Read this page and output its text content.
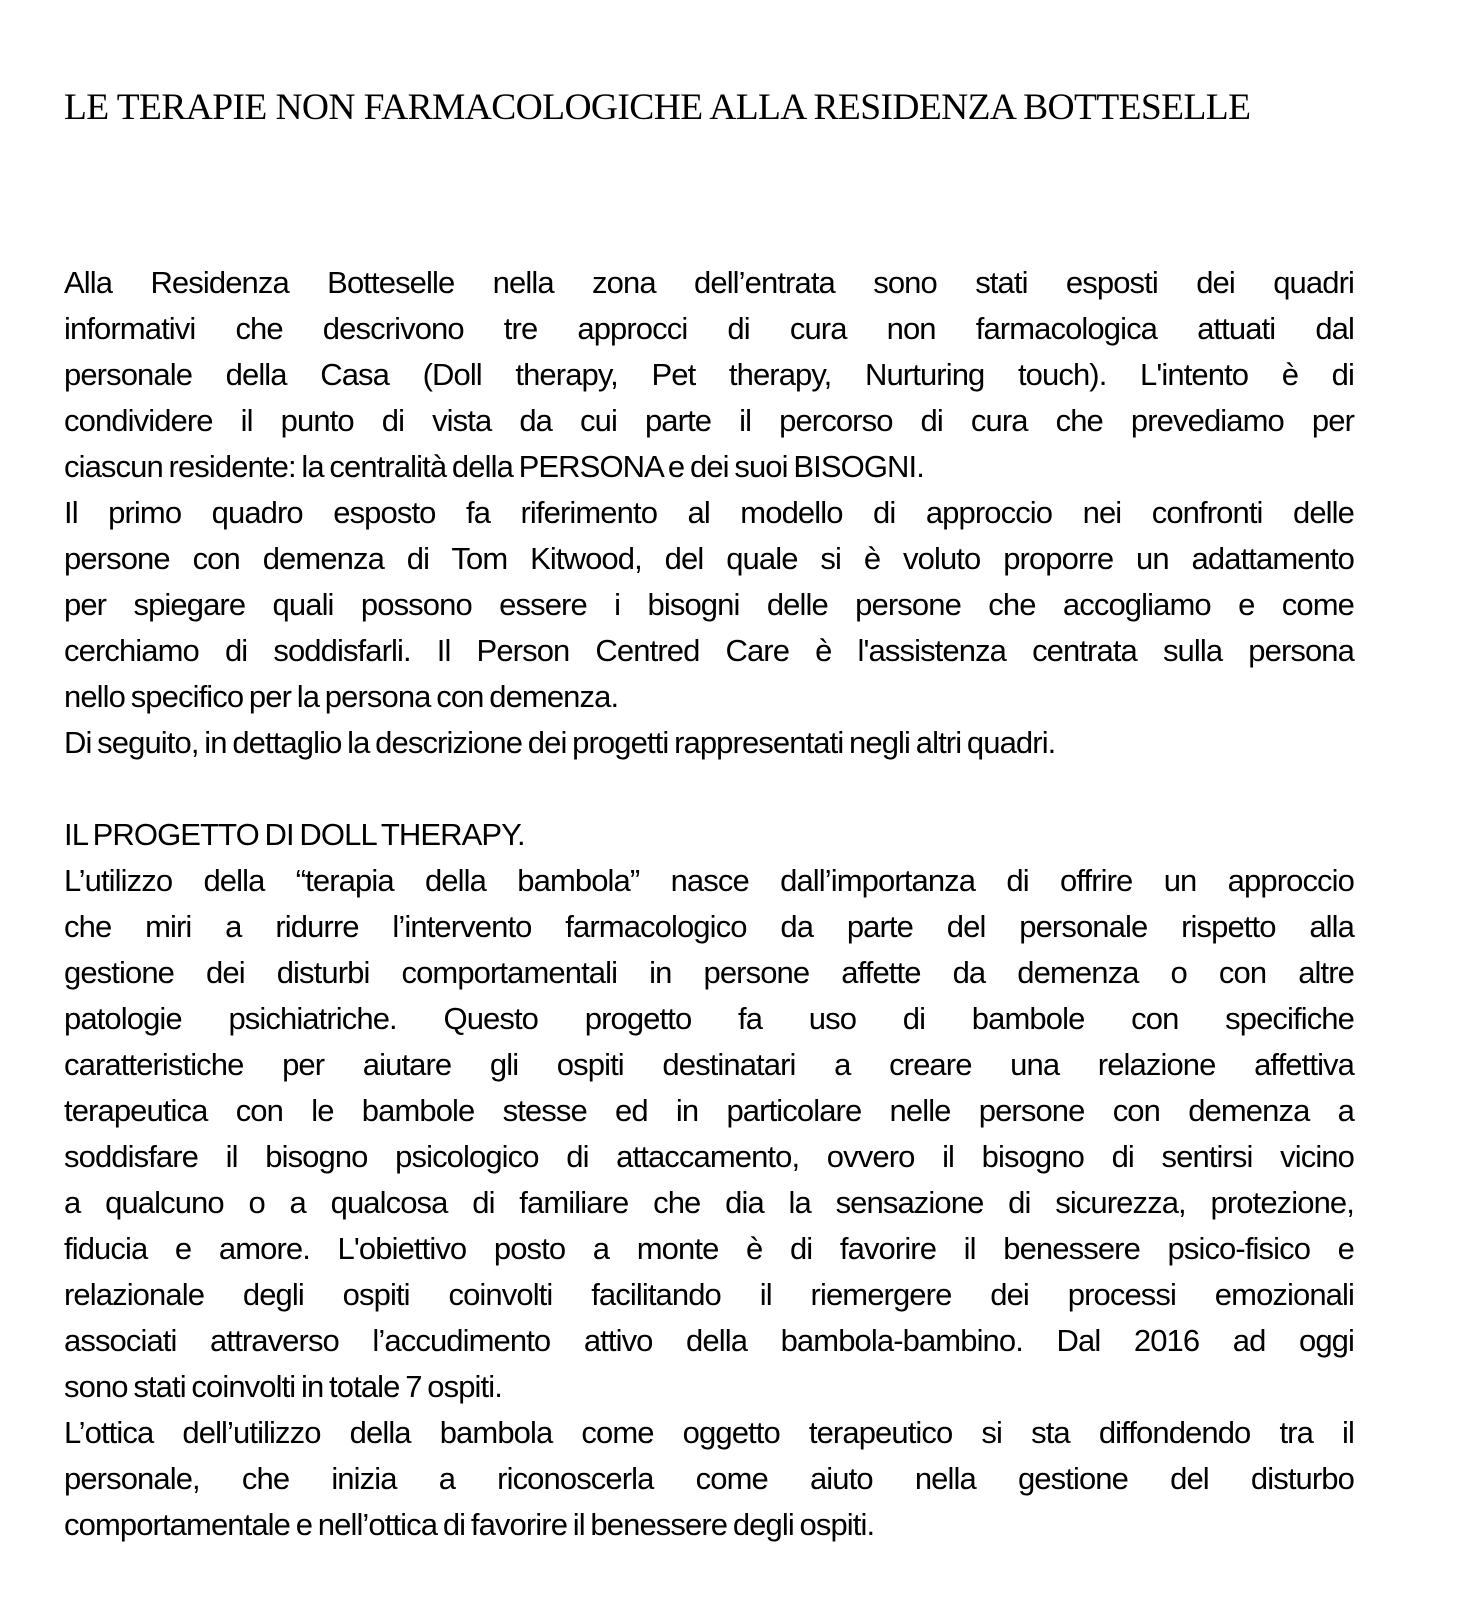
LE TERAPIE NON FARMACOLOGICHE ALLA RESIDENZA BOTTESELLE
Alla Residenza Botteselle nella zona dell’entrata sono stati esposti dei quadri
informativi che descrivono tre approcci di cura non farmacologica attuati dal
personale della Casa (Doll therapy, Pet therapy, Nurturing touch). L'intento è di
condividere il punto di vista da cui parte il percorso di cura che prevediamo per
ciascun residente: la centralità della PERSONA e dei suoi BISOGNI.
Il primo quadro esposto fa riferimento al modello di approccio nei confronti delle
persone con demenza di Tom Kitwood, del quale si è voluto proporre un adattamento
per spiegare quali possono essere i bisogni delle persone che accogliamo e come
cerchiamo di soddisfarli. Il Person Centred Care è l'assistenza centrata sulla persona
nello specifico per la persona con demenza.
Di seguito, in dettaglio la descrizione dei progetti rappresentati negli altri quadri.
IL PROGETTO DI DOLL THERAPY.
L’utilizzo della “terapia della bambola” nasce dall’importanza di offrire un approccio
che miri a ridurre l’intervento farmacologico da parte del personale rispetto alla
gestione dei disturbi comportamentali in persone affette da demenza o con altre
patologie psichiatriche. Questo progetto fa uso di bambole con specifiche
caratteristiche per aiutare gli ospiti destinatari a creare una relazione affettiva
terapeutica con le bambole stesse ed in particolare nelle persone con demenza a
soddisfare il bisogno psicologico di attaccamento, ovvero il bisogno di sentirsi vicino
a qualcuno o a qualcosa di familiare che dia la sensazione di sicurezza, protezione,
fiducia e amore. L'obiettivo posto a monte è di favorire il benessere psico-fisico e
relazionale degli ospiti coinvolti facilitando il riemergere dei processi emozionali
associati attraverso l’accudimento attivo della bambola-bambino. Dal 2016 ad oggi
sono stati coinvolti in totale 7 ospiti.
L’ottica dell’utilizzo della bambola come oggetto terapeutico si sta diffondendo tra il
personale, che inizia a riconoscerla come aiuto nella gestione del disturbo
comportamentale e nell’ottica di favorire il benessere degli ospiti.
